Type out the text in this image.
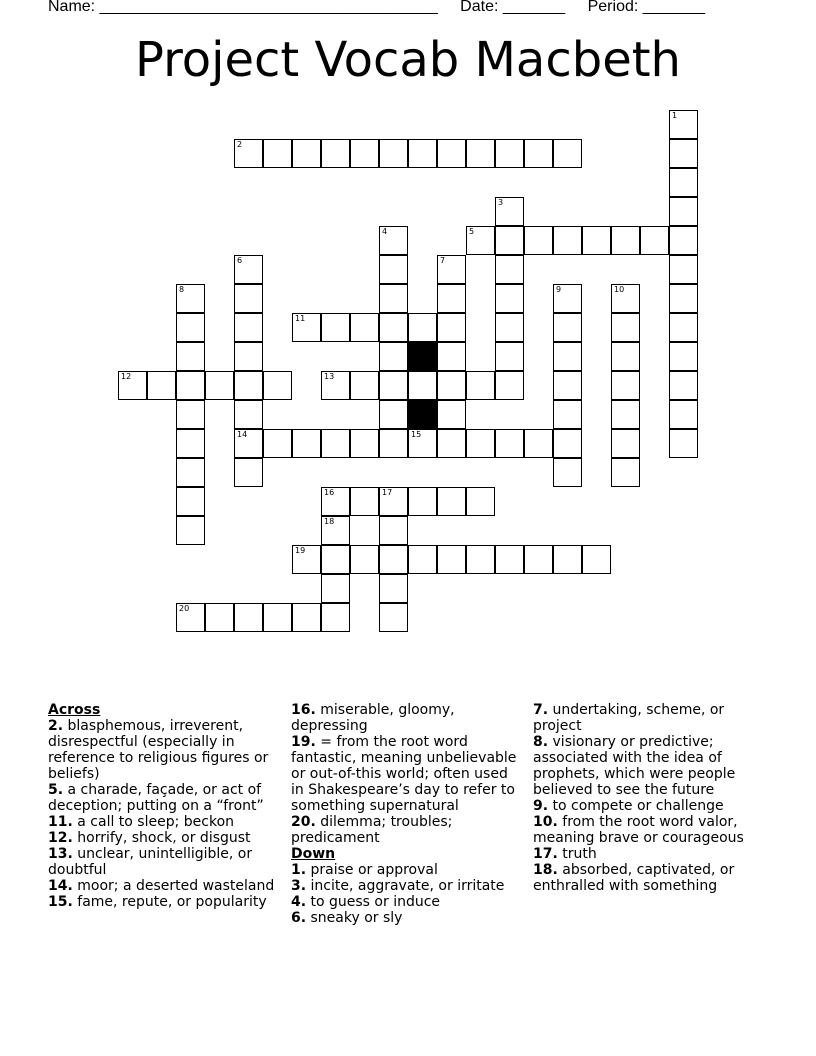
Name: ______________________________________ Date: _______ Period: _______
Project Vocab Macbeth
1
2
3
4	5
6
14
7
8	9	10
11
12	13
15
16	17
18
19
20
Across
2. blasphemous, irreverent, disrespectful (especially in reference to religious figures or beliefs)
5. a charade, façade, or act of deception; putting on a “front”
11. a call to sleep; beckon
12. horrify, shock, or disgust
13. unclear, unintelligible, or doubtful
14. moor; a deserted wasteland
15. fame, repute, or popularity
16. miserable, gloomy, depressing
19. = from the root word fantastic, meaning unbelievable or out-of-this world; often used in Shakespeare’s day to refer to something supernatural
20. dilemma; troubles; predicament
Down
1. praise or approval
3. incite, aggravate, or irritate
4. to guess or induce
6. sneaky or sly
7. undertaking, scheme, or project
8. visionary or predictive; associated with the idea of prophets, which were people believed to see the future
9. to compete or challenge
10. from the root word valor, meaning brave or courageous
17. truth
18. absorbed, captivated, or enthralled with something
